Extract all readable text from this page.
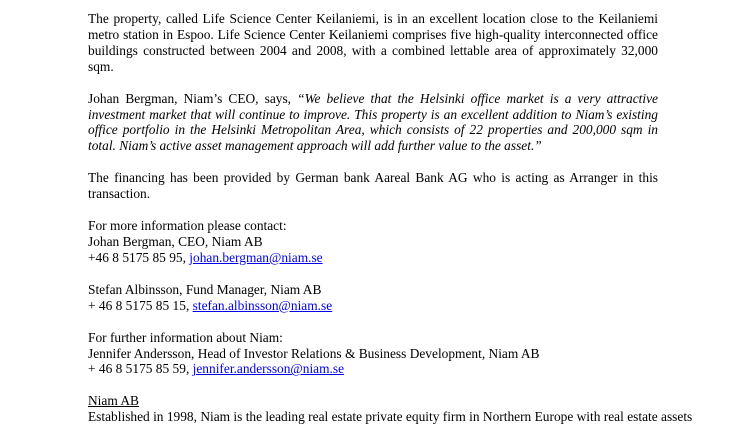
The property, called Life Science Center Keilaniemi, is in an excellent location close to the Keilaniemi metro station in Espoo. Life Science Center Keilaniemi comprises five high-quality interconnected office buildings constructed between 2004 and 2008, with a combined lettable area of approximately 32,000 sqm.

Johan Bergman, Niam’s CEO, says, “We believe that the Helsinki office market is a very attractive investment market that will continue to improve. This property is an excellent addition to Niam’s existing office portfolio in the Helsinki Metropolitan Area, which consists of 22 properties and 200,000 sqm in total. Niam’s active asset management approach will add further value to the asset.”

The financing has been provided by German bank Aareal Bank AG who is acting as Arranger in this transaction.

For more information please contact:
Johan Bergman, CEO, Niam AB
+46 8 5175 85 95, johan.bergman@niam.se

Stefan Albinsson, Fund Manager, Niam AB
+ 46 8 5175 85 15, stefan.albinsson@niam.se

For further information about Niam:
Jennifer Andersson, Head of Investor Relations & Business Development, Niam AB
+ 46 8 5175 85 59, jennifer.andersson@niam.se

Niam AB
Established in 1998, Niam is the leading real estate private equity firm in Northern Europe with real estate assets
